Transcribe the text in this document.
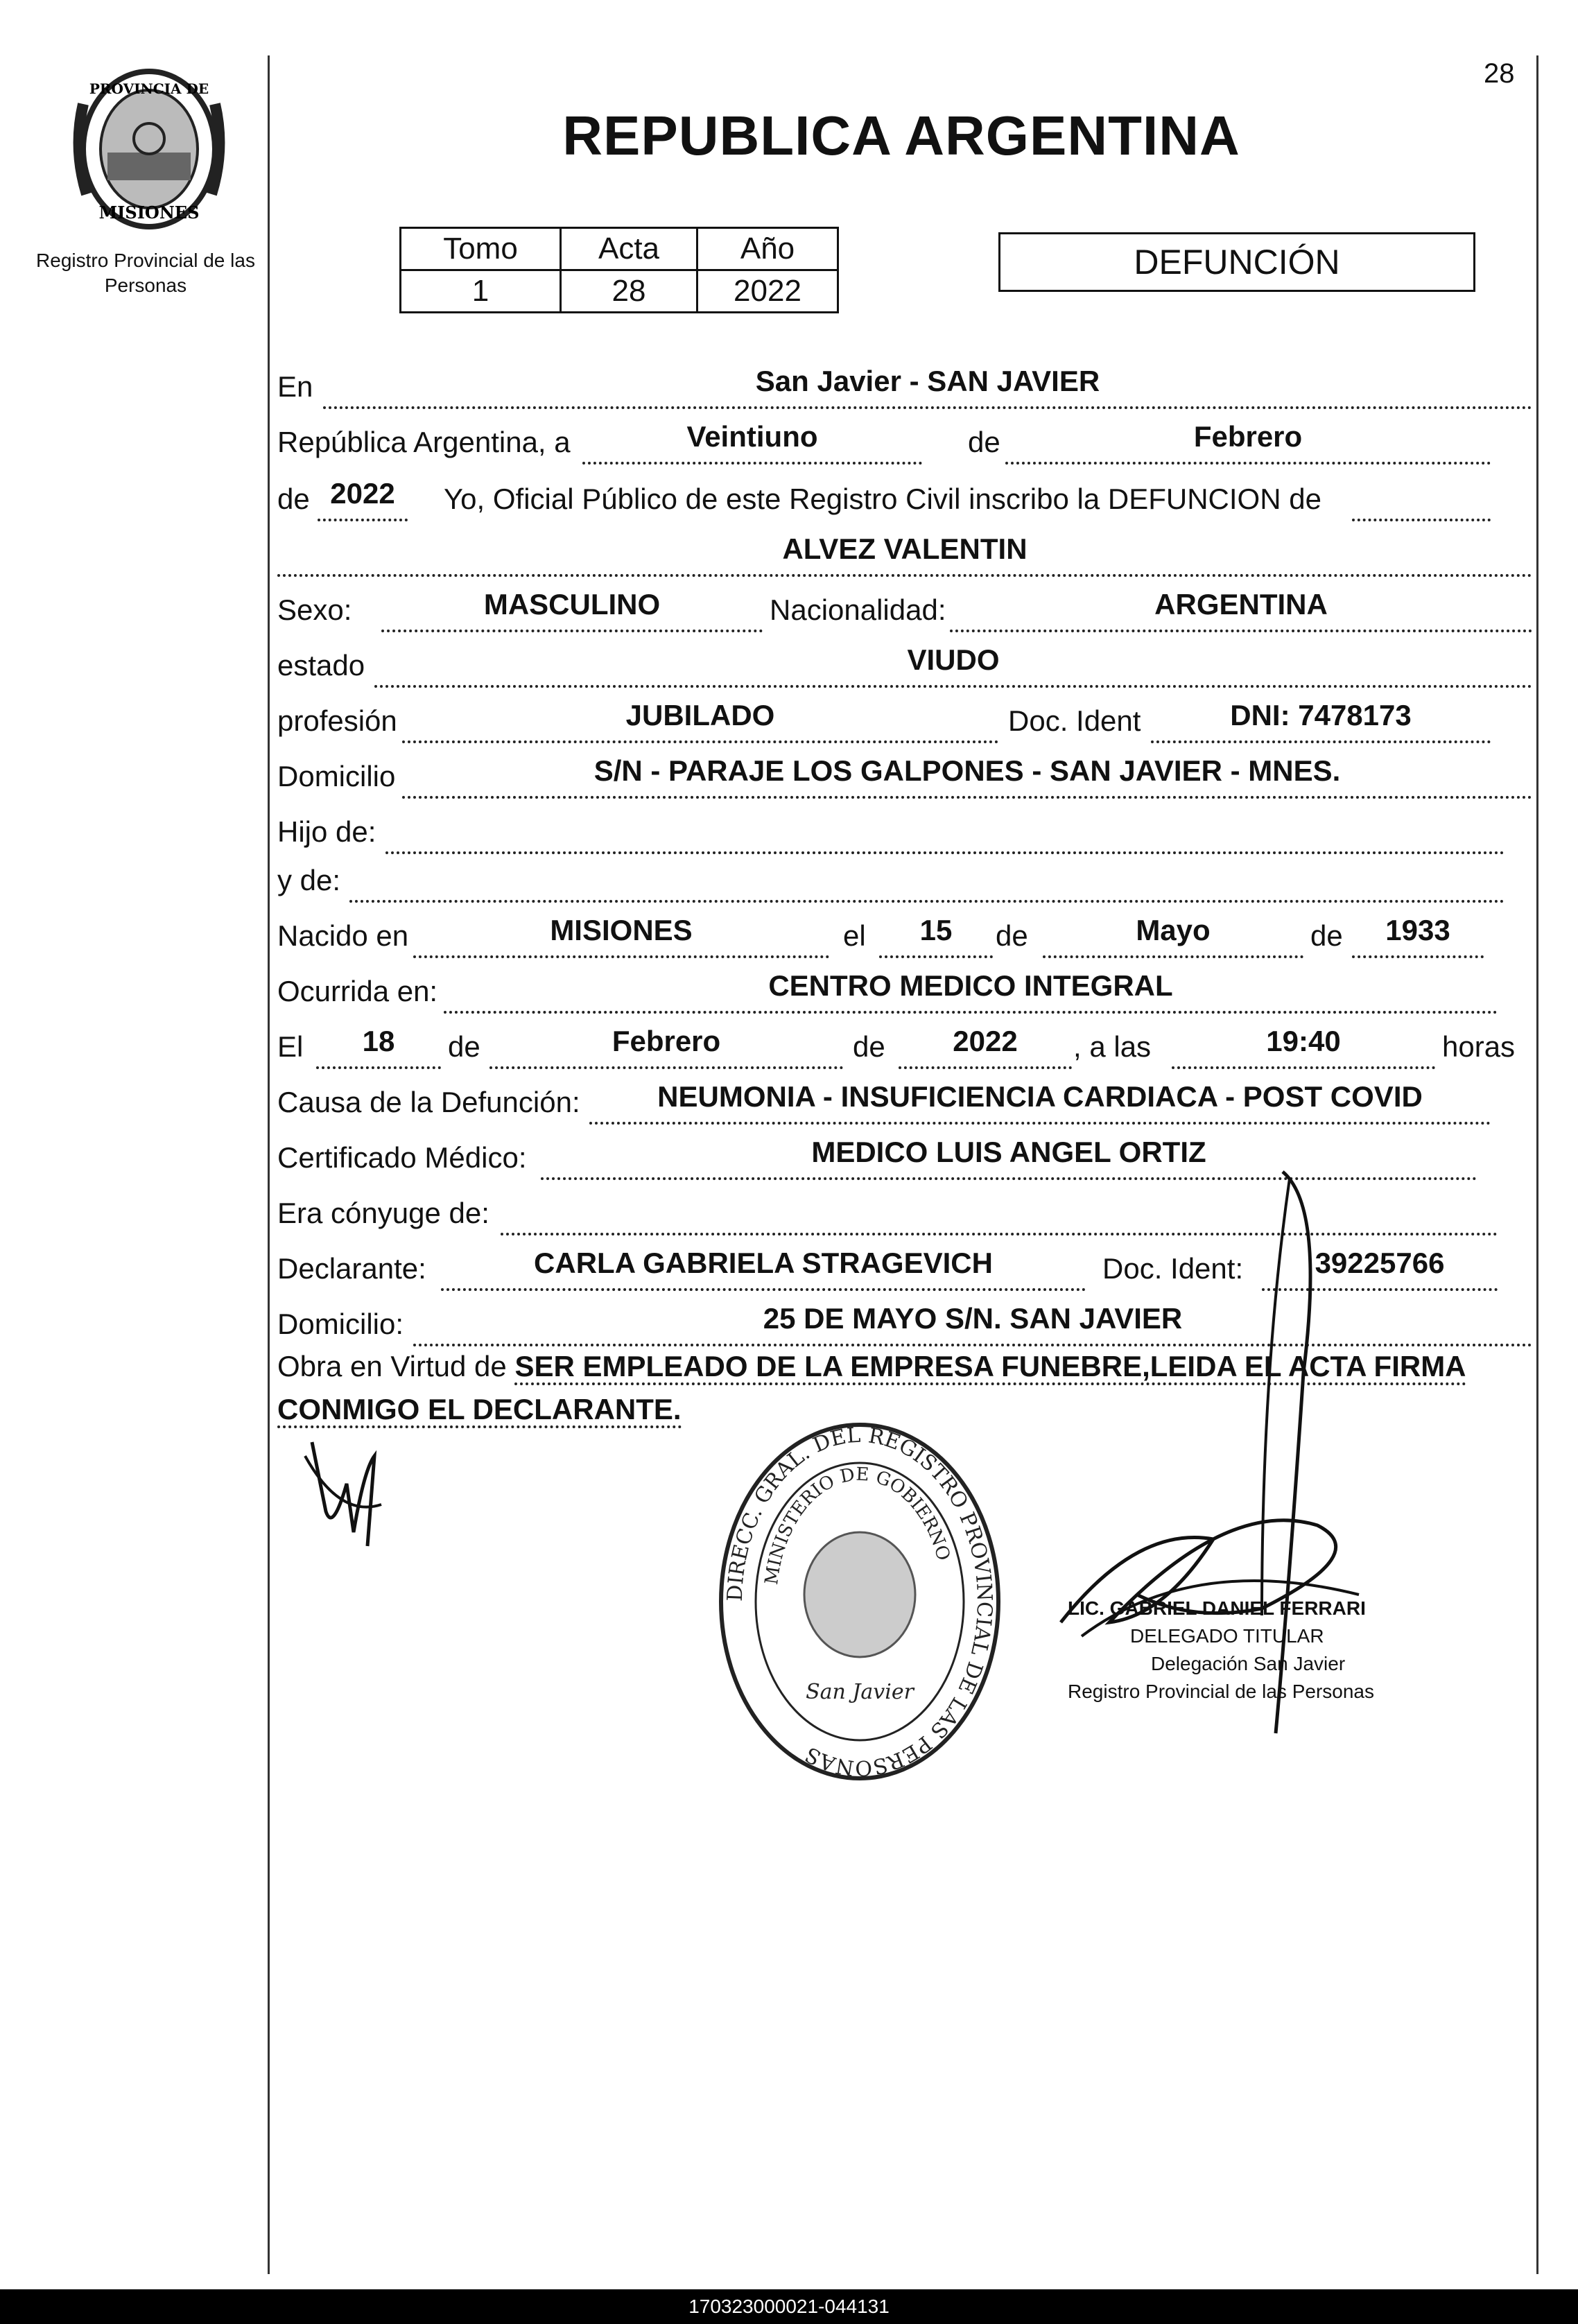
PROVINCIA DE
MISIONES
Registro Provincial de las Personas
28
REPUBLICA ARGENTINA
Tomo	Acta	Año
1	28	2022
DEFUNCIÓN
En	San Javier - SAN JAVIER
República Argentina, a	Veintiuno	de	Febrero
de 2022	Yo, Oficial Público de este Registro Civil inscribo la DEFUNCION de
ALVEZ VALENTIN
Sexo:	MASCULINO	Nacionalidad:	ARGENTINA
estado	VIUDO
profesión	JUBILADO	Doc. Ident	DNI: 7478173
Domicilio	S/N - PARAJE LOS GALPONES - SAN JAVIER - MNES.
Hijo de:
y de:
Nacido en	MISIONES	el	15	de	Mayo	de	1933
Ocurrida en:	CENTRO MEDICO INTEGRAL
El	18	de	Febrero	de	2022	, a las	19:40	horas
Causa de la Defunción:	NEUMONIA - INSUFICIENCIA CARDIACA - POST COVID
Certificado Médico:	MEDICO LUIS ANGEL ORTIZ
Era cónyuge de:
Declarante:	CARLA GABRIELA STRAGEVICH	Doc. Ident:	39225766
Domicilio:	25 DE MAYO S/N. SAN JAVIER
Obra en Virtud de SER EMPLEADO DE LA EMPRESA FUNEBRE,LEIDA EL ACTA FIRMA
CONMIGO EL DECLARANTE.
DIRECC. GRAL. DEL REGISTRO PROVINCIAL DE LAS PERSONAS
MINISTERIO DE GOBIERNO
San Javier
LIC. GABRIEL DANIEL FERRARI
DELEGADO TITULAR
Delegación San Javier
Registro Provincial de las Personas
170323000021-044131
